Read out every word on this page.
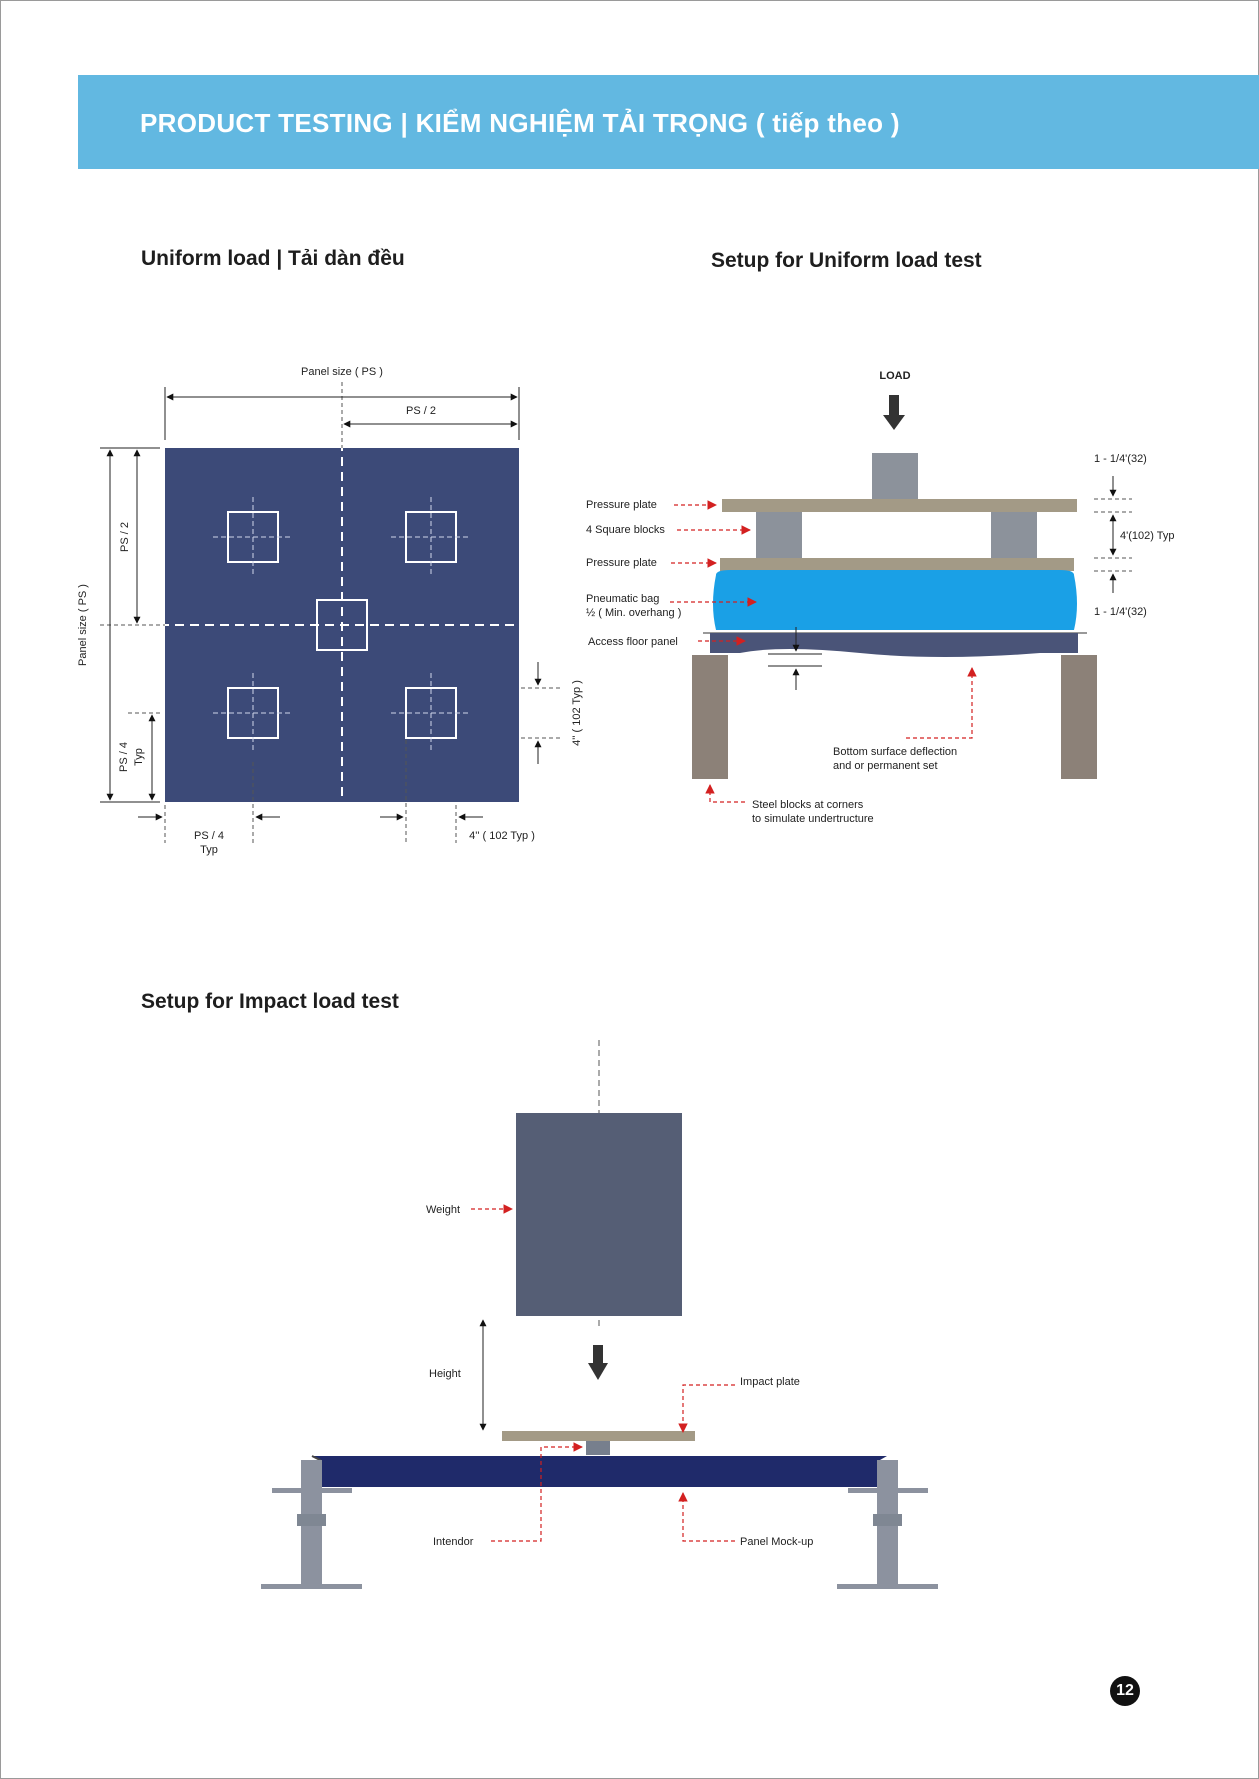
PRODUCT TESTING | KIỂM NGHIỆM TẢI TRỌNG ( tiếp theo )
Uniform load | Tải dàn đều	Setup for Uniform load test
Setup for Impact load test
Panel size ( PS )
PS / 2
Panel size ( PS )
PS / 2
PS / 4 Typ
PS / 4
Typ
4'' ( 102 Typ )
4'' ( 102 Typ )
LOAD
Pressure plate
4 Square blocks
Pressure plate
Pneumatic bag
½ ( Min. overhang )
Access floor panel
Bottom surface deflection
and or permanent set
Steel blocks at corners
to simulate undertructure
1 - 1/4'(32)
4'(102) Typ
1 - 1/4'(32)
Weight
Height
Impact plate
Intendor	Panel Mock-up
12
